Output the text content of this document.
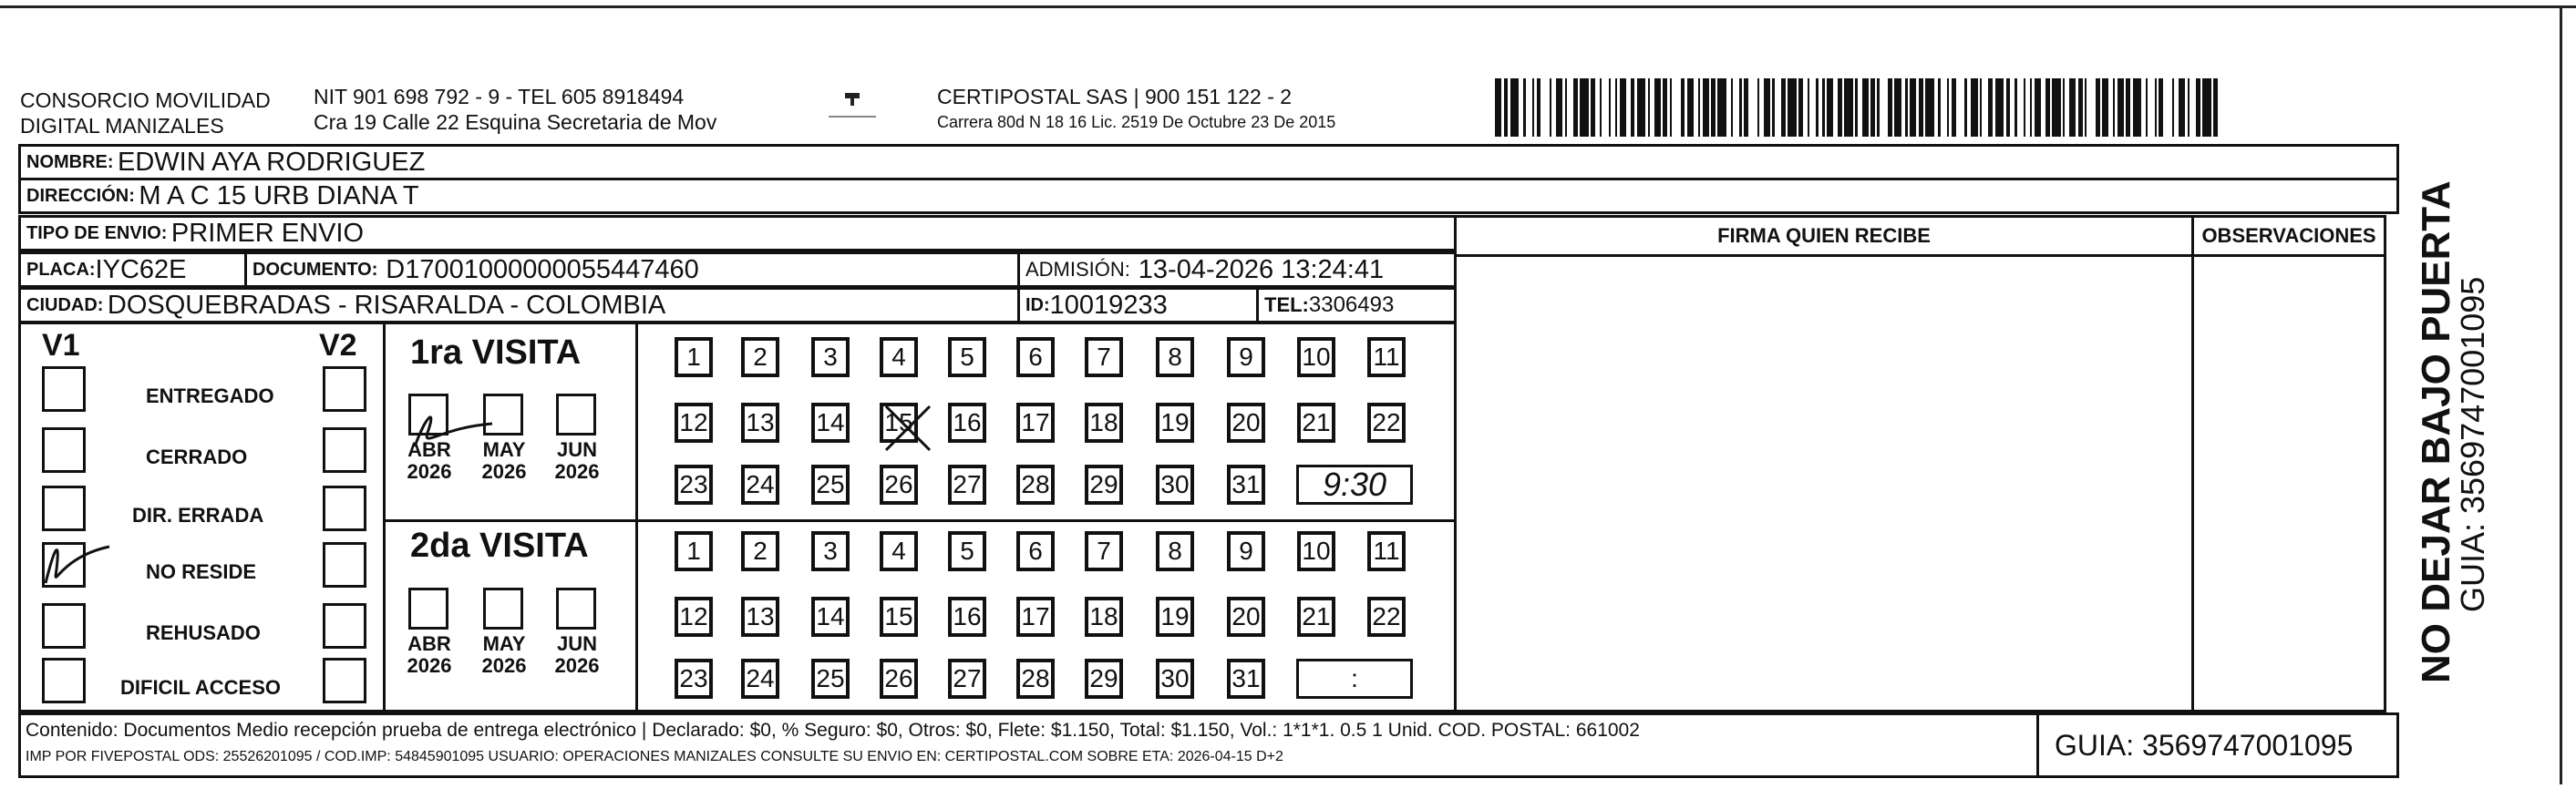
CONSORCIO MOVILIDAD
DIGITAL MANIZALES
NIT 901 698 792 - 9 - TEL 605 8918494
Cra 19 Calle 22 Esquina Secretaria de Mov
CERTIPOSTAL SAS | 900 151 122 - 2
Carrera 80d N 18 16 Lic. 2519 De Octubre 23 De 2015
NOMBRE:
EDWIN AYA RODRIGUEZ
DIRECCIÓN:
M A C 15 URB DIANA T
TIPO DE ENVIO:
PRIMER ENVIO
PLACA: IYC62E	DOCUMENTO:
D17001000000055447460	ADMISIÓN:
13-04-2026 13:24:41
CIUDAD:
DOSQUEBRADAS - RISARALDA - COLOMBIA	ID: 10019233	TEL: 3306493
FIRMA QUIEN RECIBE	OBSERVACIONES
V1	V2
ENTREGADO
CERRADO
DIR. ERRADA
NO RESIDE
REHUSADO
DIFICIL ACCESO
1ra VISITA
ABR
2026
MAY
2026
JUN
2026
1	2	3	4	5	6	7	8	9	10 11
12 13 14 15 16 17 18 19 20 21 22
23 24 25 26 27 28 29 30 31	9:30
2da VISITA
ABR
2026
MAY
2026
JUN
2026
1	2	3	4	5	6	7	8	9	10 11
12 13 14 15 16 17 18 19 20 21 22
23 24 25 26 27 28 29 30 31	:
Contenido: Documentos Medio recepción prueba de entrega electrónico | Declarado: $0, % Seguro: $0, Otros: $0, Flete: $1.150, Total: $1.150, Vol.: 1*1*1. 0.5 1 Unid. COD. POSTAL: 661002
IMP POR FIVEPOSTAL ODS: 25526201095 / COD.IMP: 54845901095 USUARIO: OPERACIONES MANIZALES CONSULTE SU ENVIO EN: CERTIPOSTAL.COM SOBRE ETA: 2026-04-15 D+2	GUIA: 3569747001095
NO DEJAR BAJO PUERTA
GUIA: 3569747001095
